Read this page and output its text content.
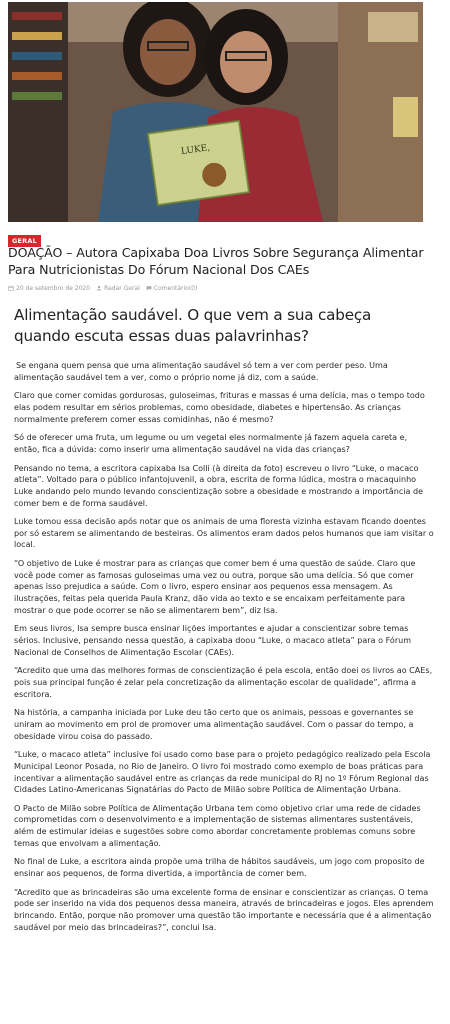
LUKE,
GERAL
DOAÇÃO – Autora Capixaba Doa Livros Sobre Segurança Alimentar Para Nutricionistas Do Fórum Nacional Dos CAEs
20 de setembro de 2020	Radar Geral	Comentário(0)
Alimentação saudável. O que vem a sua cabeça quando escuta essas duas palavrinhas?

Se engana quem pensa que uma alimentação saudável só tem a ver com perder peso. Uma alimentação saudável tem a ver, como o próprio nome já diz, com a saúde.

Claro que comer comidas gordurosas, guloseimas, frituras e massas é uma delícia, mas o tempo todo elas podem resultar em sérios problemas, como obesidade, diabetes e hipertensão. As crianças normalmente preferem comer essas comidinhas, não é mesmo?

Só de oferecer uma fruta, um legume ou um vegetal eles normalmente já fazem aquela careta e, então, fica a dúvida: como inserir uma alimentação saudável na vida das crianças?

Pensando no tema, a escritora capixaba Isa Colli (à direita da foto) escreveu o livro “Luke, o macaco atleta”. Voltado para o público infantojuvenil, a obra, escrita de forma lúdica, mostra o macaquinho Luke andando pelo mundo levando conscientização sobre a obesidade e mostrando a importância de comer bem e de forma saudável.

Luke tomou essa decisão após notar que os animais de uma floresta vizinha estavam ficando doentes por só estarem se alimentando de besteiras. Os alimentos eram dados pelos humanos que iam visitar o local.

“O objetivo de Luke é mostrar para as crianças que comer bem é uma questão de saúde. Claro que você pode comer as famosas guloseimas uma vez ou outra, porque são uma delícia. Só que comer apenas isso prejudica a saúde. Com o livro, espero ensinar aos pequenos essa mensagem. As ilustrações, feitas pela querida Paula Kranz, dão vida ao texto e se encaixam perfeitamente para mostrar o que pode ocorrer se não se alimentarem bem”, diz Isa.

Em seus livros, Isa sempre busca ensinar lições importantes e ajudar a conscientizar sobre temas sérios. Inclusive, pensando nessa questão, a capixaba doou “Luke, o macaco atleta” para o Fórum Nacional de Conselhos de Alimentação Escolar (CAEs).

“Acredito que uma das melhores formas de conscientização é pela escola, então doei os livros ao CAEs, pois sua principal função é zelar pela concretização da alimentação escolar de qualidade”, afirma a escritora.

Na história, a campanha iniciada por Luke deu tão certo que os animais, pessoas e governantes se uniram ao movimento em prol de promover uma alimentação saudável. Com o passar do tempo, a obesidade virou coisa do passado.

“Luke, o macaco atleta” inclusive foi usado como base para o projeto pedagógico realizado pela Escola Municipal Leonor Posada, no Rio de Janeiro. O livro foi mostrado como exemplo de boas práticas para incentivar a alimentação saudável entre as crianças da rede municipal do RJ no 1º Fórum Regional das Cidades Latino-Americanas Signatárias do Pacto de Milão sobre Política de Alimentação Urbana.

O Pacto de Milão sobre Política de Alimentação Urbana tem como objetivo criar uma rede de cidades comprometidas com o desenvolvimento e a implementação de sistemas alimentares sustentáveis, além de estimular ideias e sugestões sobre como abordar concretamente problemas comuns sobre temas que envolvam a alimentação.

No final de Luke, a escritora ainda propõe uma trilha de hábitos saudáveis, um jogo com proposito de ensinar aos pequenos, de forma divertida, a importância de comer bem.

“Acredito que as brincadeiras são uma excelente forma de ensinar e conscientizar as crianças. O tema pode ser inserido na vida dos pequenos dessa maneira, através de brincadeiras e jogos. Eles aprendem brincando. Então, porque não promover uma questão tão importante e necessária que é a alimentação saudável por meio das brincadeiras?”, conclui Isa.
